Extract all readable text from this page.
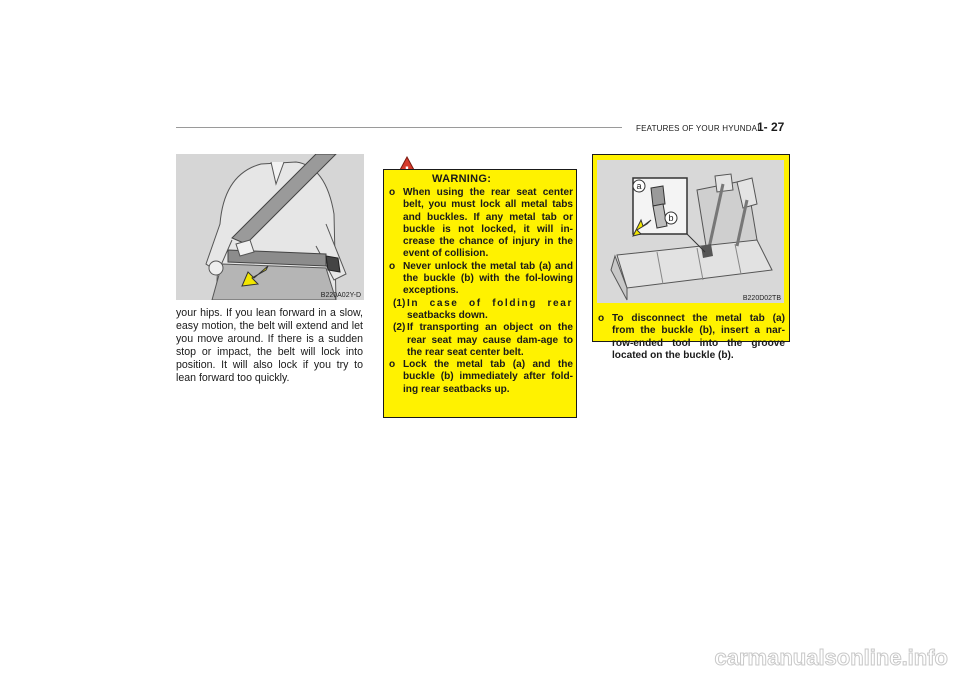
FEATURES OF YOUR HYUNDAI
1- 27
B220A02Y-D
your hips. If you lean forward in a slow, easy motion, the belt will extend and let you move around. If there is a sudden stop or impact, the belt will lock into position. It will also lock if you try to lean forward too quickly.
WARNING:
o When using the rear seat center belt, you must lock all metal tabs and buckles. If any metal tab or buckle is not locked, it will in-crease the chance of injury in the event of collision.
o Never unlock the metal tab (a) and the buckle (b) with the fol-lowing exceptions.
(1) In case of folding rear seatbacks down.
(2) If transporting an object on the rear seat may cause dam-age to the rear seat center belt.
o Lock the metal tab (a) and the buckle (b) immediately after fold-ing rear seatbacks up.
a
b
B220D02TB
o To disconnect the metal tab (a) from the buckle (b), insert a nar-row-ended tool into the groove located on the buckle (b).
carmanualsonline.info
